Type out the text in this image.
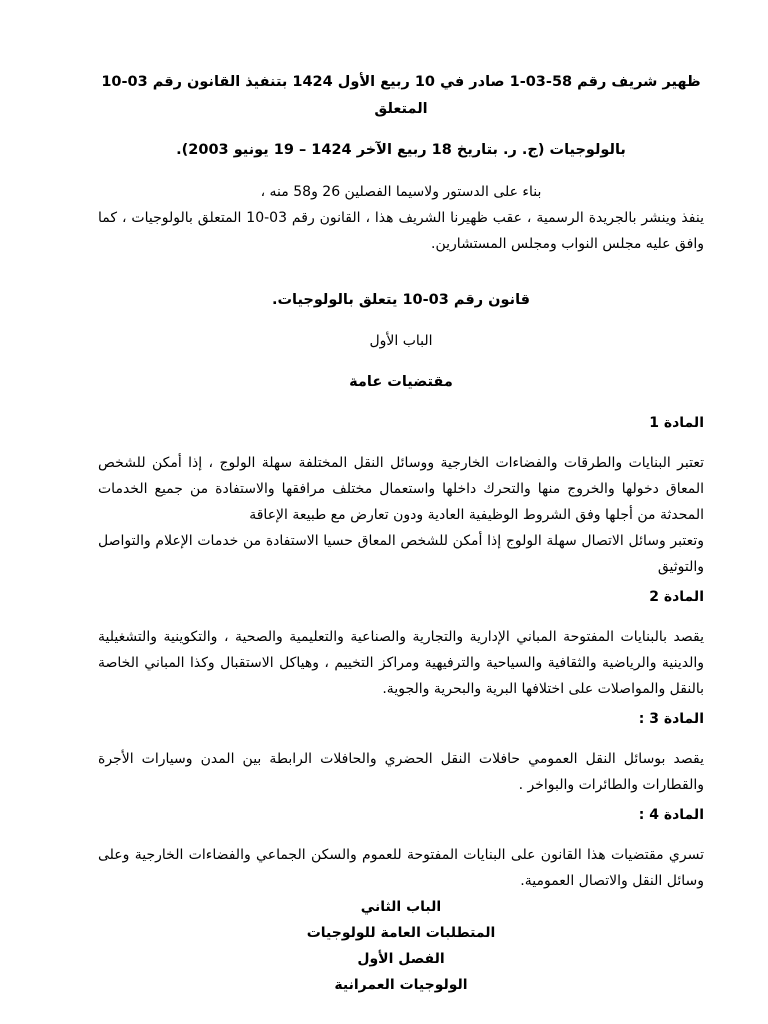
ظهير شريف رقم 58-03-1 صادر في 10 ربيع الأول 1424 بتنفيذ القانون رقم 03-10 المتعلق

بالولوجيات (ج. ر. بتاريخ 18 ربيع الآخر 1424 – 19 يونيو 2003).

بناء على الدستور ولاسيما الفصلين 26 و58 منه ،

ينفذ وينشر بالجريدة الرسمية ، عقب ظهيرنا الشريف هذا ، القانون رقم 03-10 المتعلق بالولوجيات ، كما وافق عليه مجلس النواب ومجلس المستشارين.

قانون رقم 03-10 يتعلق بالولوجيات.

الباب الأول

مقتضيات عامة

المادة 1

تعتبر البنايات والطرقات والفضاءات الخارجية ووسائل النقل المختلفة سهلة الولوج ، إذا أمكن للشخص المعاق دخولها والخروج منها والتحرك داخلها واستعمال مختلف مرافقها والاستفادة من جميع الخدمات المحدثة من أجلها وفق الشروط الوظيفية العادية ودون تعارض مع طبيعة الإعاقة

وتعتبر وسائل الاتصال سهلة الولوج إذا أمكن للشخص المعاق حسيا الاستفادة من خدمات الإعلام والتواصل والتوثيق

المادة 2

يقصد بالبنايات المفتوحة المباني الإدارية والتجارية والصناعية والتعليمية والصحية ، والتكوينية والتشغيلية والدينية والرياضية والثقافية والسياحية والترفيهية ومراكز التخييم ، وهياكل الاستقبال وكذا المباني الخاصة بالنقل والمواصلات على اختلافها البرية والبحرية والجوية.

المادة 3 :

يقصد بوسائل النقل العمومي حافلات النقل الحضري والحافلات الرابطة بين المدن وسيارات الأجرة والقطارات والطائرات والبواخر .

المادة 4 :

تسري مقتضيات هذا القانون على البنايات المفتوحة للعموم والسكن الجماعي والفضاءات الخارجية وعلى وسائل النقل والاتصال العمومية.

الباب الثاني

المتطلبات العامة للولوجيات

الفصل الأول

الولوجيات العمرانية
